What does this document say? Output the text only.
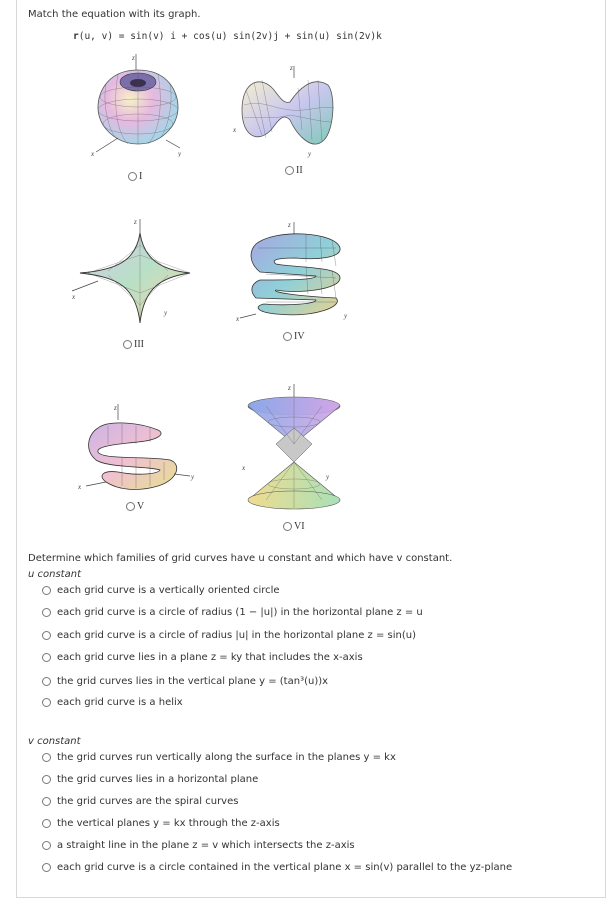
Match the equation with its graph.
r(u, v) = sin(v) i + cos(u) sin(2v)j + sin(u) sin(2v)k
z
x	y
I
z
x
y
II
z
x
y
III
z
x	y
IV
z
x
y
V
z
x
y
VI
Determine which families of grid curves have u constant and which have v constant.
u constant
each grid curve is a vertically oriented circle
each grid curve is a circle of radius (1 − |u|) in the horizontal plane z = u
each grid curve is a circle of radius |u| in the horizontal plane z = sin(u)
each grid curve lies in a plane z = ky that includes the x-axis
the grid curves lies in the vertical plane y = (tan³(u))x
each grid curve is a helix
v constant
the grid curves run vertically along the surface in the planes y = kx
the grid curves lies in a horizontal plane
the grid curves are the spiral curves
the vertical planes y = kx through the z-axis
a straight line in the plane z = v which intersects the z-axis
each grid curve is a circle contained in the vertical plane x = sin(v) parallel to the yz-plane
